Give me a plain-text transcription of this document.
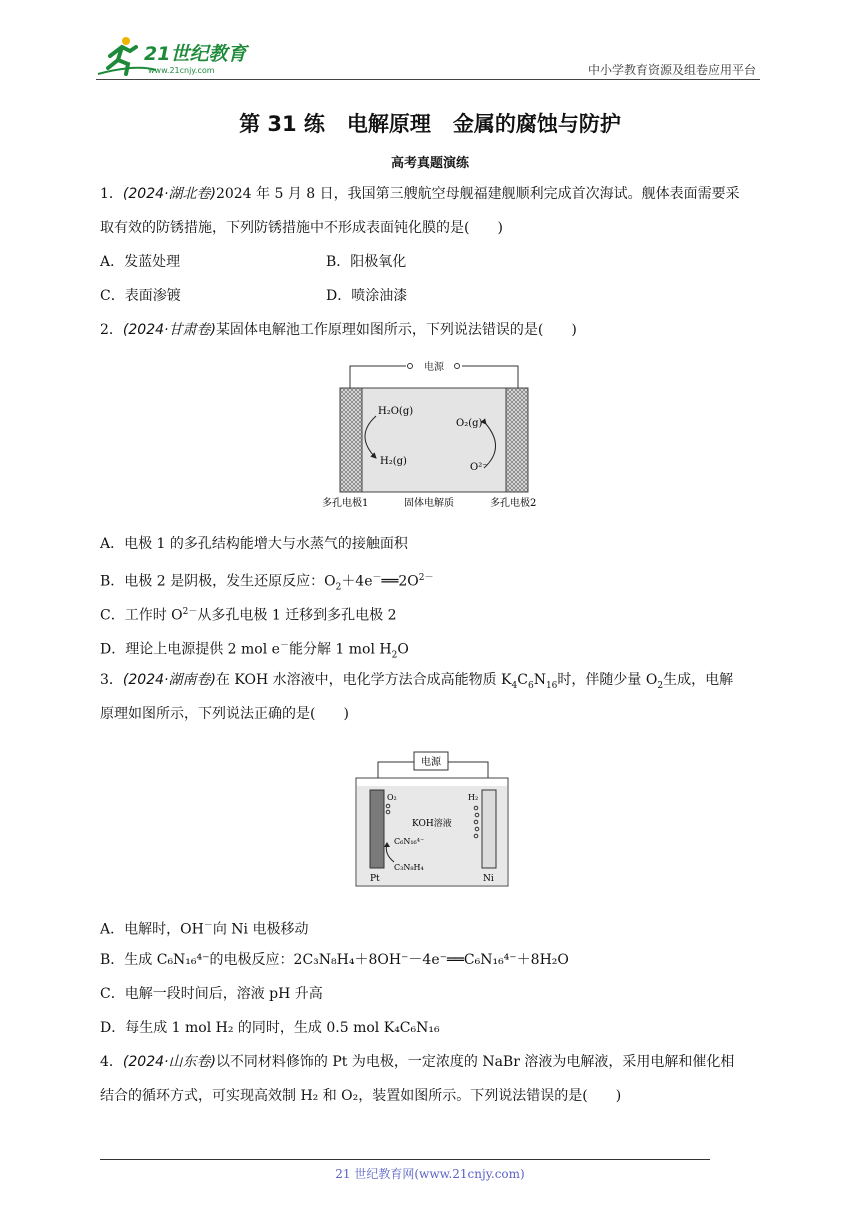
21世纪教育
www.21cnjy.com	中小学教育资源及组卷应用平台
第 31 练 电解原理 金属的腐蚀与防护
高考真题演练
1．(2024·湖北卷)2024 年 5 月 8 日，我国第三艘航空母舰福建舰顺利完成首次海试。舰体表面需要采
取有效的防锈措施，下列防锈措施中不形成表面钝化膜的是(　　)
A．发蓝处理	B．阳极氧化
C．表面渗镀	D．喷涂油漆
2．(2024·甘肃卷)某固体电解池工作原理如图所示，下列说法错误的是(　　)
电源
H₂O(g)
H₂(g)
O₂(g)
O²⁻
多孔电极1	固体电解质	多孔电极2
A．电极 1 的多孔结构能增大与水蒸气的接触面积
B．电极 2 是阴极，发生还原反应：$O_2+4e^-══2O^{2-}$
C．工作时 $O^{2-}$从多孔电极 1 迁移到多孔电极 2
D．理论上电源提供 2 mol e－能分解 1 mol $H_2O$
3．(2024·湖南卷)在 KOH 水溶液中，电化学方法合成高能物质 $K_4C_6N_{16}$时，伴随少量 $O_2$生成，电解
原理如图所示，下列说法正确的是(　　)
电源
O₂	H₂
KOH溶液
C₆N₁₆⁴⁻
C₃N₈H₄
Pt	Ni
A．电解时，OH－向 Ni 电极移动
B．生成 C₆N₁₆⁴⁻的电极反应：2C₃N₈H₄＋8OH⁻－4e⁻══C₆N₁₆⁴⁻＋8H₂O
C．电解一段时间后，溶液 pH 升高
D．每生成 1 mol H₂ 的同时，生成 0.5 mol K₄C₆N₁₆
4．(2024·山东卷)以不同材料修饰的 Pt 为电极，一定浓度的 NaBr 溶液为电解液，采用电解和催化相
结合的循环方式，可实现高效制 H₂ 和 O₂，装置如图所示。下列说法错误的是(　　)
21 世纪教育网(www.21cnjy.com)
